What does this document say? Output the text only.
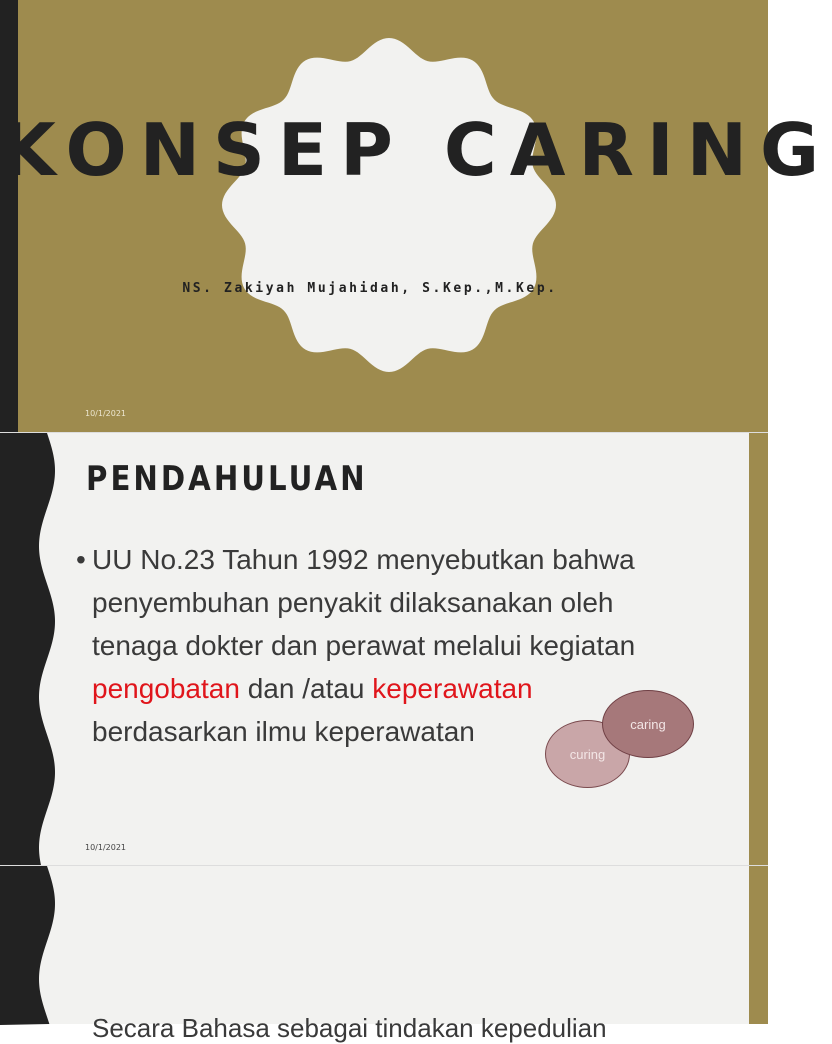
KONSEP CARING
NS. Zakiyah Mujahidah, S.Kep.,M.Kep.
10/1/2021
PENDAHULUAN
• UU No.23 Tahun 1992 menyebutkan bahwa
penyembuhan penyakit dilaksanakan oleh
tenaga dokter dan perawat melalui kegiatan
pengobatan dan /atau keperawatan
berdasarkan ilmu keperawatan
curing
caring
10/1/2021
Secara Bahasa sebagai tindakan kepedulian
